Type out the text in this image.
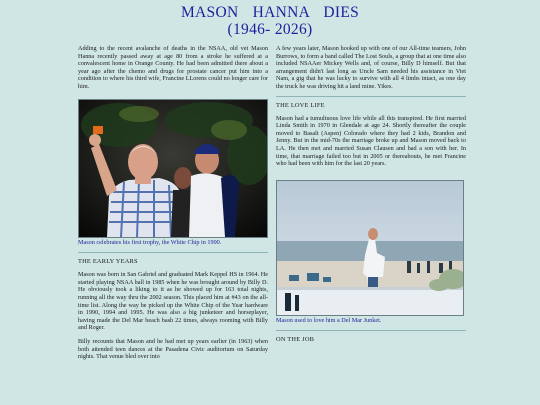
MASON HANNA DIES
(1946- 2026)

Adding to the recent avalanche of deaths in the NSAA, old vet Mason Hanna recently passed away at age 80 from a stroke he suffered at a convalescent home in Orange County. He had been admitted there about a year ago after the chemo and drugs for prostate cancer put him into a condition to where his third wife, Francine LLorens could no longer care for him.

Mason celebrates his first trophy, the White Chip in 1990.
THE EARLY YEARS

Mason was born in San Gabriel and graduated Mark Keppel HS in 1964. He started playing NSAA ball in 1985 when he was brought around by Billy D. He obviously took a liking to it as he showed up for 163 total nights, running all the way thru the 2002 season. This placed him at #43 on the all-time list. Along the way he picked up the White Chip of the Year hardware in 1990, 1994 and 1995. He was also a big junketeer and horseplayer, having made the Del Mar beach bash 22 times, always rooming with Billy and Roger.

Billy recounts that Mason and he had met up years earlier (in 1963) when both attended teen dances at the Pasadena Civic auditorium on Saturday nights. That venue bled over into

A few years later, Mason hooked up with one of our All-time teamers, John Burrows, to form a band called The Lost Souls, a group that at one time also included NSAAer Mickey Wells and, of course, Billy D himself. But that arrangement didn't last long as Uncle Sam needed his assistance in Viet Nam, a gig that he was lucky to survive with all 4 limbs intact, as one day the truck he was driving hit a land mine. Yikes.

THE LOVE LIFE

Mason had a tumultuous love life while all this transpired. He first married Linda Smith in 1970 in Glendale at age 24. Shortly thereafter the couple moved to Basalt (Aspen) Colorado where they had 2 kids, Brandon and Jenny. But in the mid-70s the marriage broke up and Mason moved back to LA. He then met and married Susan Clausen and had a son with her. In time, that marriage failed too but in 2005 or thereabouts, he met Francine who had been with him for the last 20 years.

Mason used to love him a Del Mar Junket.
ON THE JOB
